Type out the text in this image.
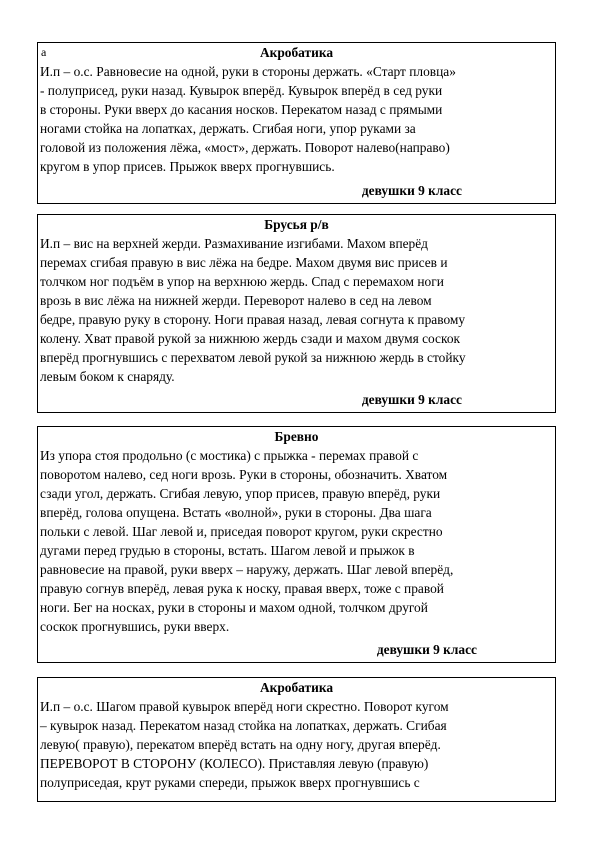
а	Акробатика
И.п – о.с. Равновесие на одной, руки в стороны держать. «Старт пловца»
- полуприсед, руки назад. Кувырок вперёд. Кувырок вперёд в сед руки
в стороны. Руки вверх до касания носков. Перекатом назад с прямыми
ногами стойка на лопатках, держать. Сгибая ноги, упор руками за
головой из положения лёжа, «мост», держать. Поворот налево(направо)
кругом в упор присев. Прыжок вверх прогнувшись.
девушки 9 класс
Брусья р/в
И.п – вис на верхней жерди. Размахивание изгибами. Махом вперёд
перемах сгибая правую в вис лёжа на бедре. Махом двумя вис присев и
толчком ног подъём в упор на верхнюю жердь. Спад с перемахом ноги
врозь в вис лёжа на нижней жерди. Переворот налево в сед на левом
бедре, правую руку в сторону. Ноги правая назад, левая согнута к правому
колену. Хват правой рукой за нижнюю жердь сзади и махом двумя соскок
вперёд прогнувшись с перехватом левой рукой за нижнюю жердь в стойку
левым боком к снаряду.
девушки 9 класс
Бревно
Из упора стоя продольно (с мостика) с прыжка - перемах правой с
поворотом налево, сед ноги врозь. Руки в стороны, обозначить. Хватом
сзади угол, держать. Сгибая левую, упор присев, правую вперёд, руки
вперёд, голова опущена. Встать «волной», руки в стороны. Два шага
польки с левой. Шаг левой и, приседая поворот кругом, руки скрестно
дугами перед грудью в стороны, встать. Шагом левой и прыжок в
равновесие на правой, руки вверх – наружу, держать. Шаг левой вперёд,
правую согнув вперёд, левая рука к носку, правая вверх, тоже с правой
ноги. Бег на носках, руки в стороны и махом одной, толчком другой
соскок прогнувшись, руки вверх.
девушки 9 класс
Акробатика
И.п – о.с. Шагом правой кувырок вперёд ноги скрестно. Поворот кугом
– кувырок назад. Перекатом назад стойка на лопатках, держать. Сгибая
левую( правую), перекатом вперёд встать на одну ногу, другая вперёд.
ПЕРЕВОРОТ В СТОРОНУ (КОЛЕСО). Приставляя левую (правую)
полуприседая, крут руками спереди, прыжок вверх прогнувшись с
